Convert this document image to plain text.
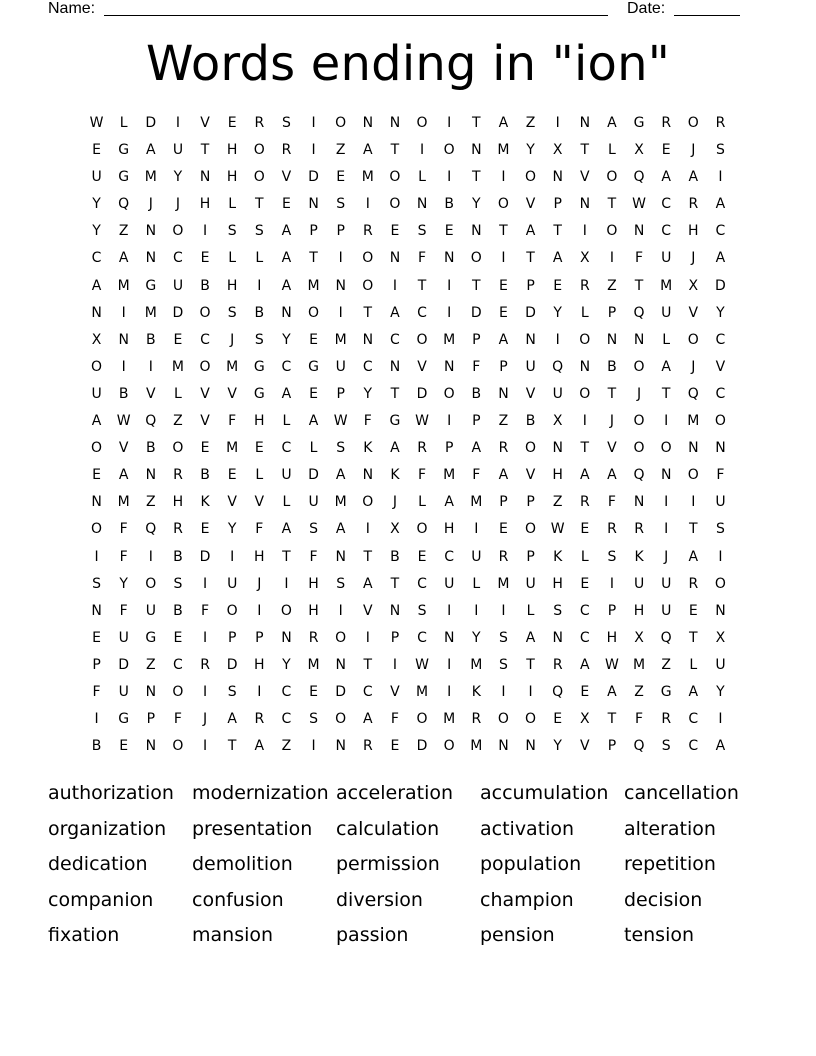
Name:	Date:
Words ending in "ion"
W	L	D	I	V	E	R	S	I	O	N	N	O	I	T	A	Z	I	N	A	G	R	O	R
E	G	A	U	T	H	O	R	I	Z	A	T	I	O	N	M	Y	X	T	L	X	E	J	S
U	G	M	Y	N	H	O	V	D	E	M	O	L	I	T	I	O	N	V	O	Q	A	A	I
Y	Q	J	J	H	L	T	E	N	S	I	O	N	B	Y	O	V	P	N	T	W	C	R	A
Y	Z	N	O	I	S	S	A	P	P	R	E	S	E	N	T	A	T	I	O	N	C	H	C
C	A	N	C	E	L	L	A	T	I	O	N	F	N	O	I	T	A	X	I	F	U	J	A
A	M	G	U	B	H	I	A	M	N	O	I	T	I	T	E	P	E	R	Z	T	M	X	D
N	I	M	D	O	S	B	N	O	I	T	A	C	I	D	E	D	Y	L	P	Q	U	V	Y
X	N	B	E	C	J	S	Y	E	M	N	C	O	M	P	A	N	I	O	N	N	L	O	C
O	I	I	M	O	M	G	C	G	U	C	N	V	N	F	P	U	Q	N	B	O	A	J	V
U	B	V	L	V	V	G	A	E	P	Y	T	D	O	B	N	V	U	O	T	J	T	Q	C
A	W	Q	Z	V	F	H	L	A	W	F	G	W	I	P	Z	B	X	I	J	O	I	M	O
O	V	B	O	E	M	E	C	L	S	K	A	R	P	A	R	O	N	T	V	O	O	N	N
E	A	N	R	B	E	L	U	D	A	N	K	F	M	F	A	V	H	A	A	Q	N	O	F
N	M	Z	H	K	V	V	L	U	M	O	J	L	A	M	P	P	Z	R	F	N	I	I	U
O	F	Q	R	E	Y	F	A	S	A	I	X	O	H	I	E	O	W	E	R	R	I	T	S
I	F	I	B	D	I	H	T	F	N	T	B	E	C	U	R	P	K	L	S	K	J	A	I
S	Y	O	S	I	U	J	I	H	S	A	T	C	U	L	M	U	H	E	I	U	U	R	O
N	F	U	B	F	O	I	O	H	I	V	N	S	I	I	I	L	S	C	P	H	U	E	N
E	U	G	E	I	P	P	N	R	O	I	P	C	N	Y	S	A	N	C	H	X	Q	T	X
P	D	Z	C	R	D	H	Y	M	N	T	I	W	I	M	S	T	R	A	W	M	Z	L	U
F	U	N	O	I	S	I	C	E	D	C	V	M	I	K	I	I	Q	E	A	Z	G	A	Y
I	G	P	F	J	A	R	C	S	O	A	F	O	M	R	O	O	E	X	T	F	R	C	I
B	E	N	O	I	T	A	Z	I	N	R	E	D	O	M	N	N	Y	V	P	Q	S	C	A
authorization modernization acceleration	accumulation cancellation
organization	presentation	calculation	activation	alteration
dedication	demolition	permission	population	repetition
companion	confusion	diversion	champion	decision
fixation	mansion	passion	pension	tension
